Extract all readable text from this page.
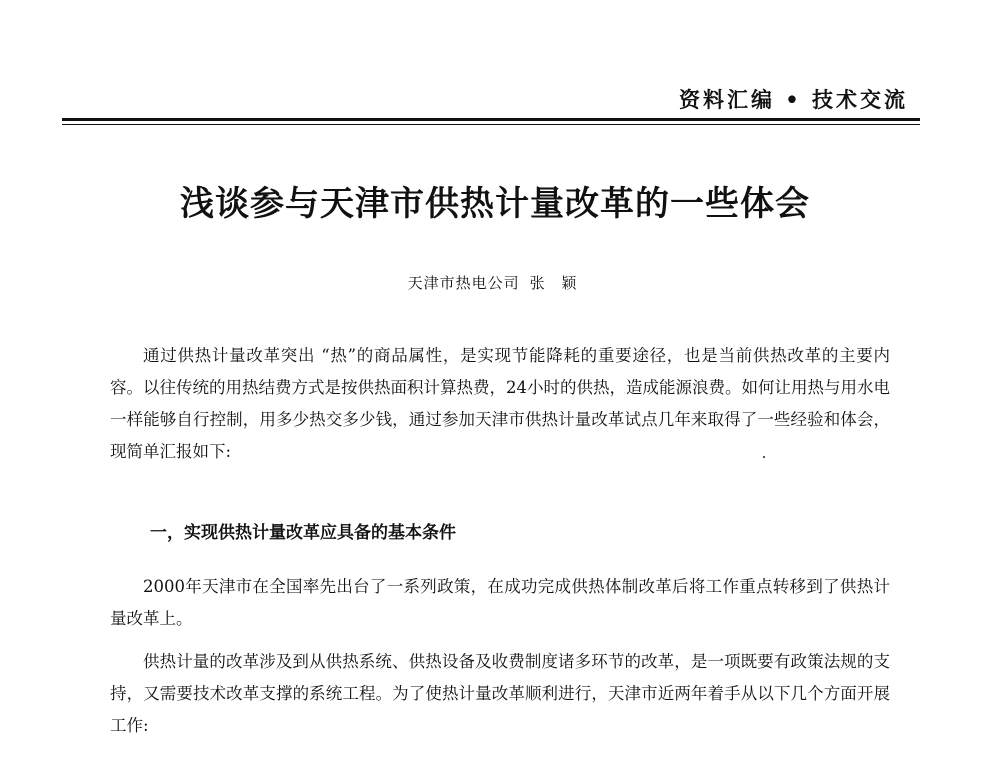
资料汇编 • 技术交流
浅谈参与天津市供热计量改革的一些体会
天津市热电公司 张 颖

通过供热计量改革突出 “热”的商品属性，是实现节能降耗的重要途径，也是当前供热改革的主要内容。以往传统的用热结费方式是按供热面积计算热费，24小时的供热，造成能源浪费。如何让用热与用水电一样能够自行控制，用多少热交多少钱，通过参加天津市供热计量改革试点几年来取得了一些经验和体会，现简单汇报如下:

一，实现供热计量改革应具备的基本条件

2000年天津市在全国率先出台了一系列政策，在成功完成供热体制改革后将工作重点转移到了供热计量改革上。

供热计量的改革涉及到从供热系统、供热设备及收费制度诸多环节的改革，是一项既要有政策法规的支持，又需要技术改革支撑的系统工程。为了使热计量改革顺利进行，天津市近两年着手从以下几个方面开展工作:
